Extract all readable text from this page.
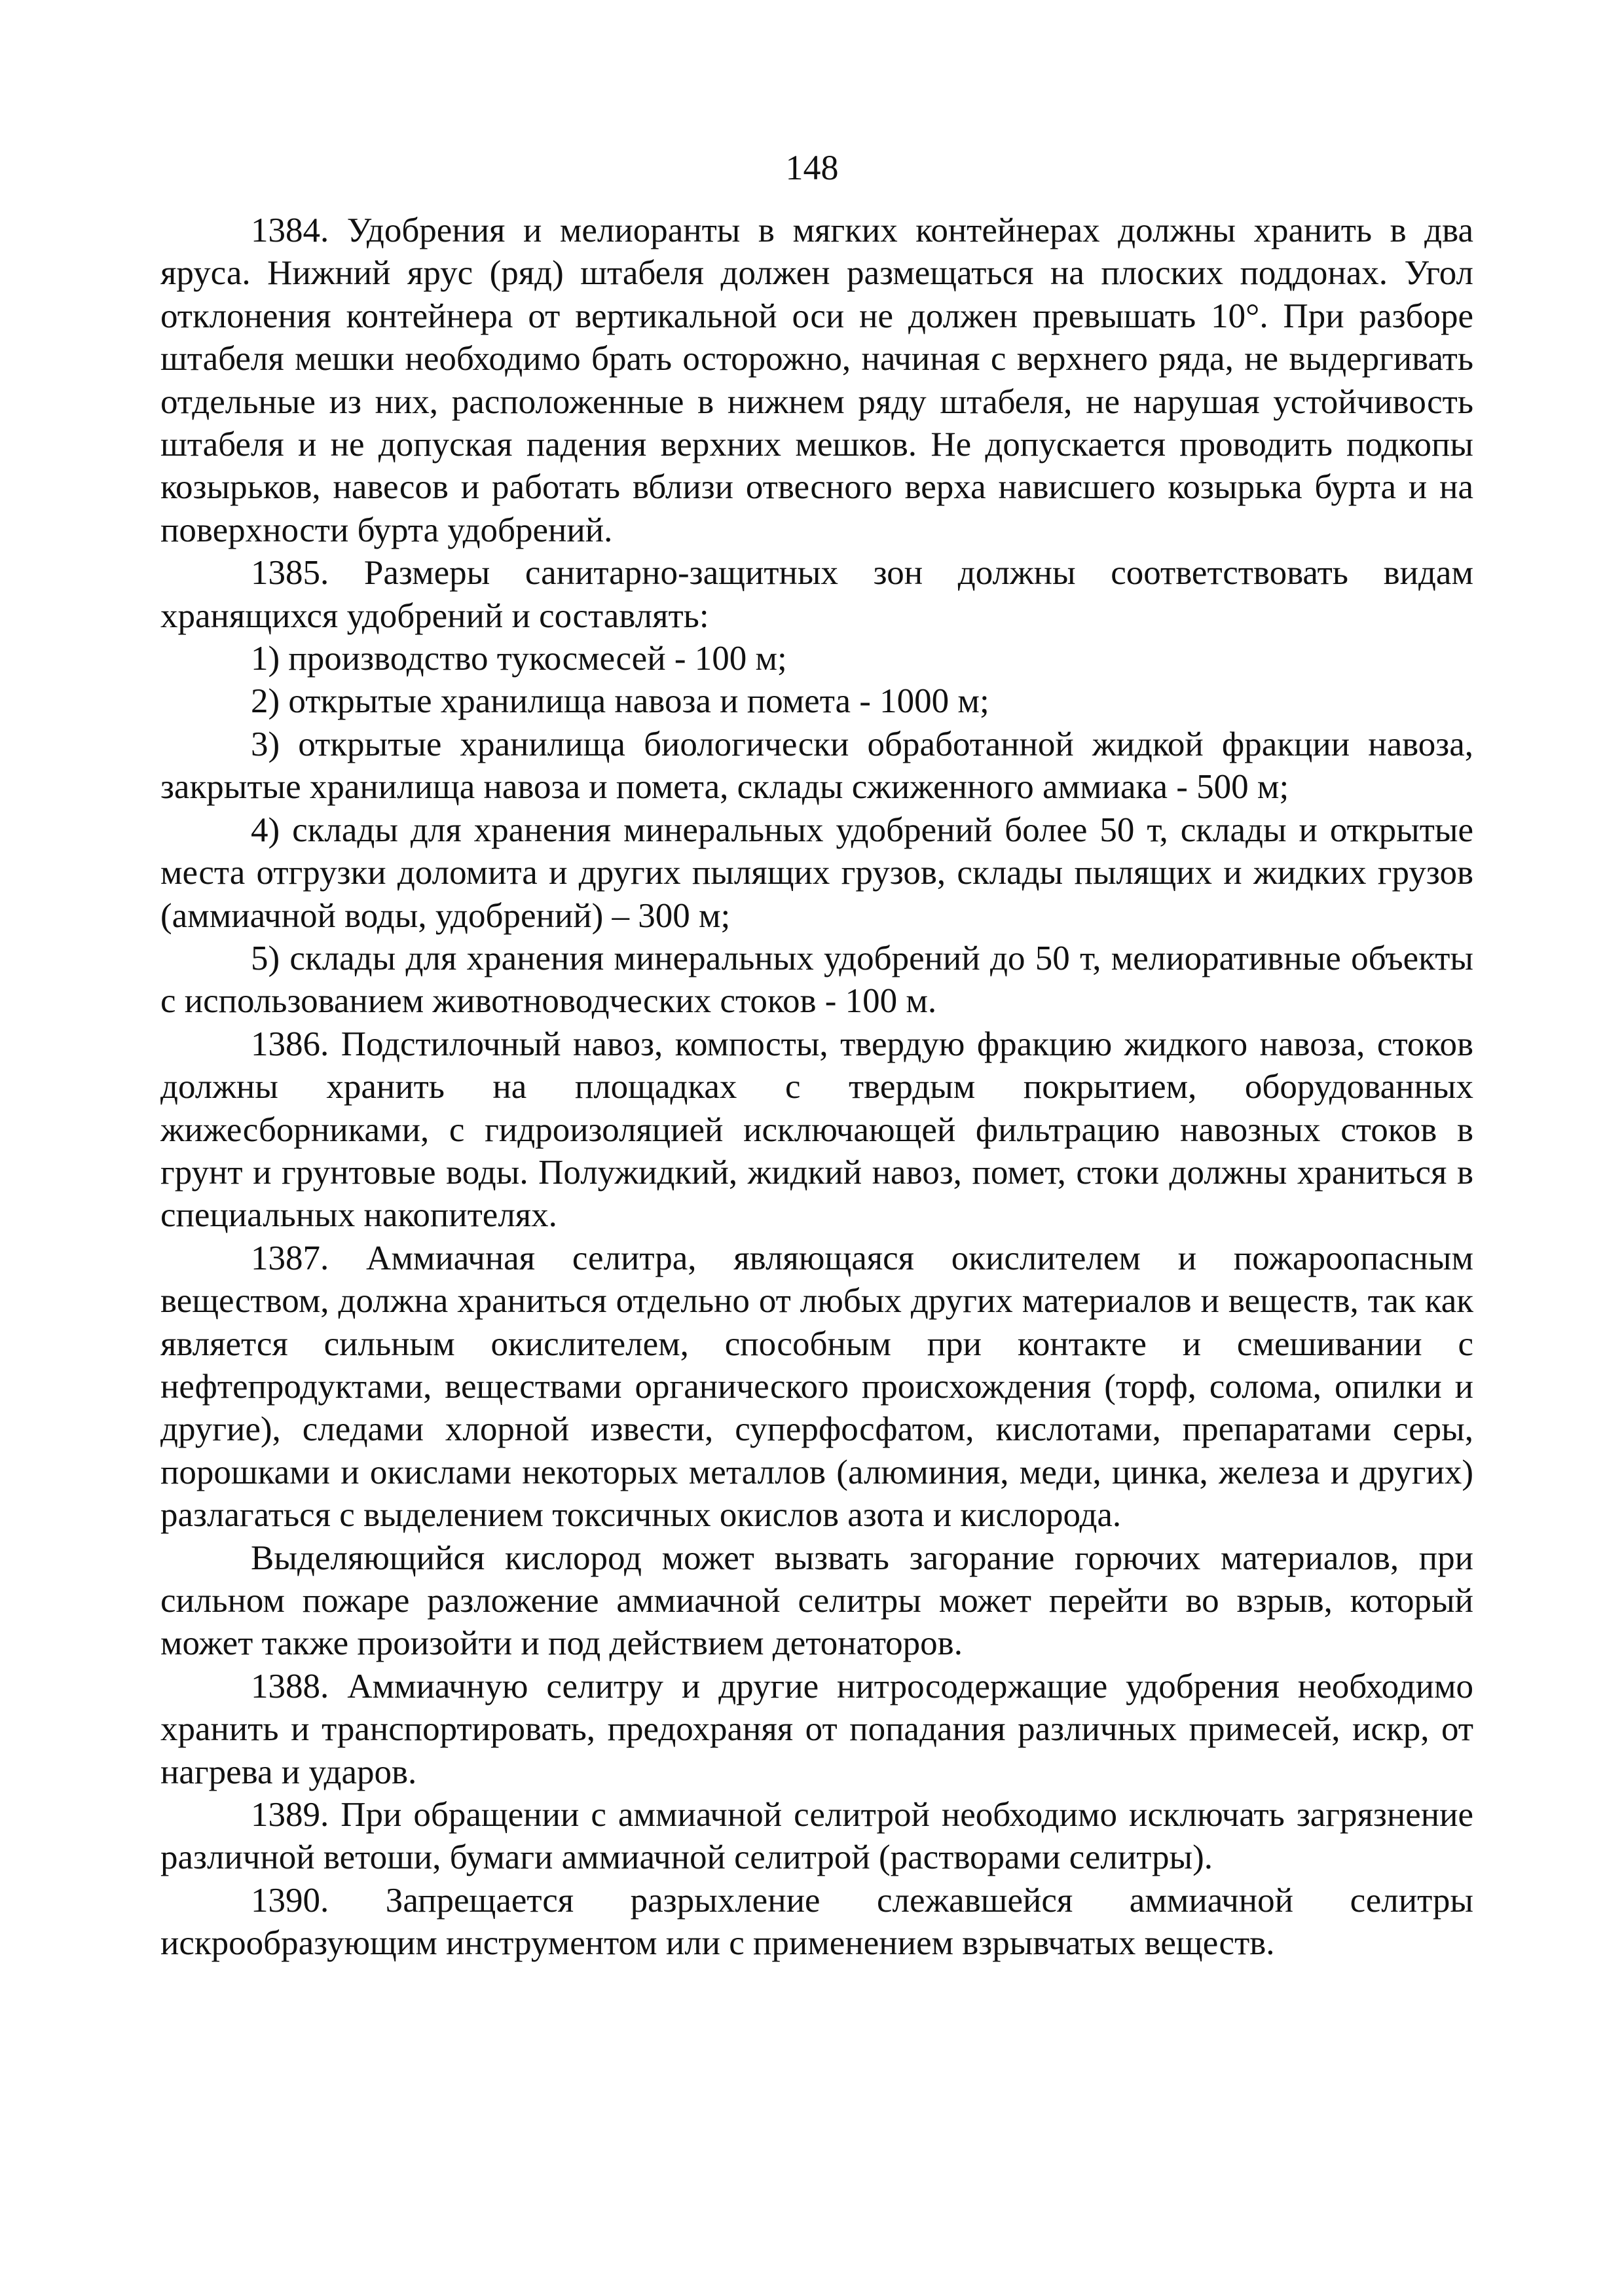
148

1384. Удобрения и мелиоранты в мягких контейнерах должны хранить в два яруса. Нижний ярус (ряд) штабеля должен размещаться на плоских поддонах. Угол отклонения контейнера от вертикальной оси не должен превышать 10°. При разборе штабеля мешки необходимо брать осторожно, начиная с верхнего ряда, не выдергивать отдельные из них, расположенные в нижнем ряду штабеля, не нарушая устойчивость штабеля и не допуская падения верхних мешков. Не допускается проводить подкопы козырьков, навесов и работать вблизи отвесного верха нависшего козырька бурта и на поверхности бурта удобрений.

1385. Размеры санитарно-защитных зон должны соответствовать видам хранящихся удобрений и составлять:

1) производство тукосмесей - 100 м;

2) открытые хранилища навоза и помета - 1000 м;

3) открытые хранилища биологически обработанной жидкой фракции навоза, закрытые хранилища навоза и помета, склады сжиженного аммиака - 500 м;

4) склады для хранения минеральных удобрений более 50 т, склады и открытые места отгрузки доломита и других пылящих грузов, склады пылящих и жидких грузов (аммиачной воды, удобрений) – 300 м;

5) склады для хранения минеральных удобрений до 50 т, мелиоративные объекты с использованием животноводческих стоков - 100 м.

1386. Подстилочный навоз, компосты, твердую фракцию жидкого навоза, стоков должны хранить на площадках с твердым покрытием, оборудованных жижесборниками, с гидроизоляцией исключающей фильтрацию навозных стоков в грунт и грунтовые воды. Полужидкий, жидкий навоз, помет, стоки должны храниться в специальных накопителях.

1387. Аммиачная селитра, являющаяся окислителем и пожароопасным веществом, должна храниться отдельно от любых других материалов и веществ, так как является сильным окислителем, способным при контакте и смешивании с нефтепродуктами, веществами органического происхождения (торф, солома, опилки и другие), следами хлорной извести, суперфосфатом, кислотами, препаратами серы, порошками и окислами некоторых металлов (алюминия, меди, цинка, железа и других) разлагаться с выделением токсичных окислов азота и кислорода.

Выделяющийся кислород может вызвать загорание горючих материалов, при сильном пожаре разложение аммиачной селитры может перейти во взрыв, который может также произойти и под действием детонаторов.

1388. Аммиачную селитру и другие нитросодержащие удобрения необходимо хранить и транспортировать, предохраняя от попадания различных примесей, искр, от нагрева и ударов.

1389. При обращении с аммиачной селитрой необходимо исключать загрязнение различной ветоши, бумаги аммиачной селитрой (растворами селитры).

1390. Запрещается разрыхление слежавшейся аммиачной селитры искрообразующим инструментом или с применением взрывчатых веществ.
